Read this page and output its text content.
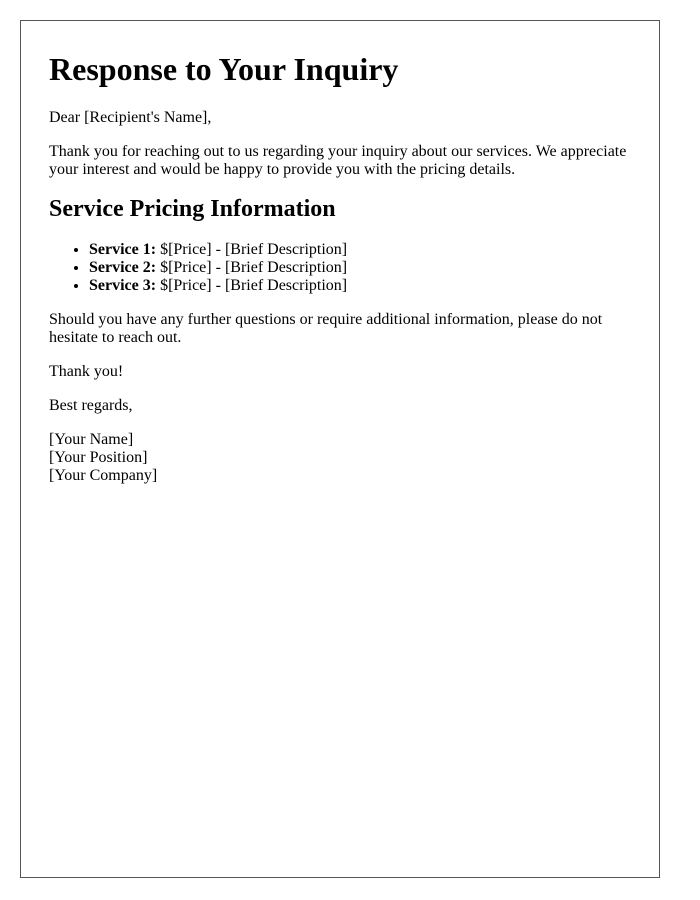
Response to Your Inquiry

Dear [Recipient's Name],

Thank you for reaching out to us regarding your inquiry about our services. We appreciate your interest and would be happy to provide you with the pricing details.

Service Pricing Information
• Service 1: $[Price] - [Brief Description]
• Service 2: $[Price] - [Brief Description]
• Service 3: $[Price] - [Brief Description]

Should you have any further questions or require additional information, please do not hesitate to reach out.

Thank you!

Best regards,

[Your Name]
[Your Position]
[Your Company]
